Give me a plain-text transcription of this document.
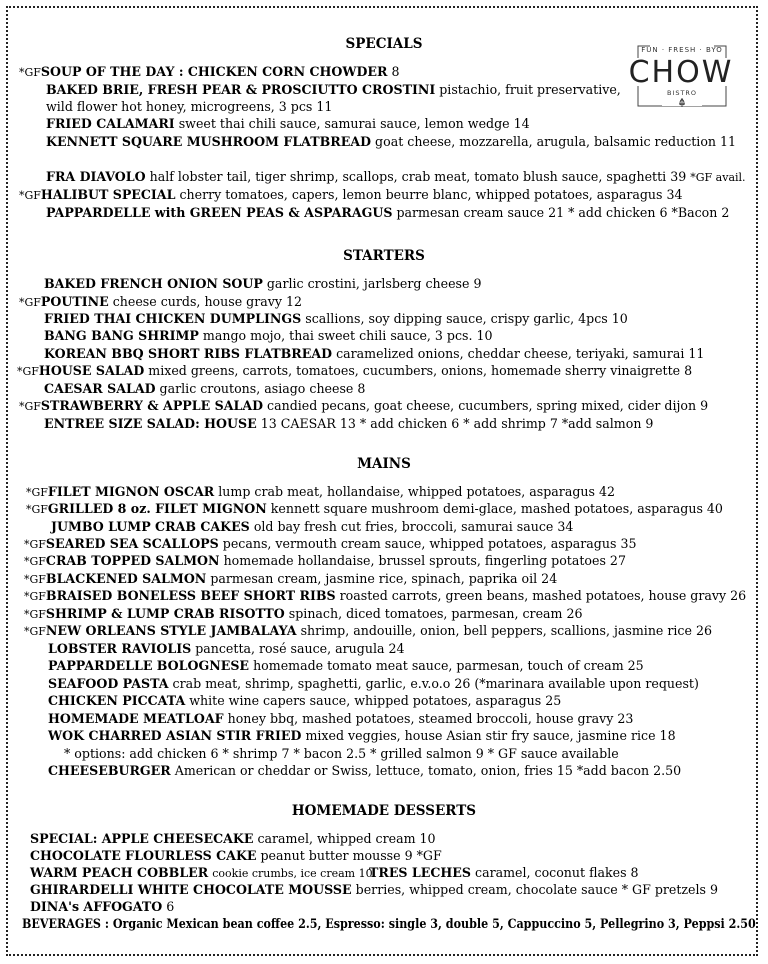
FUN · FRESH · BYO
CHOW
BISTRO
SPECIALS
*GFSOUP OF THE DAY : CHICKEN CORN CHOWDER 8
BAKED BRIE, FRESH PEAR & PROSCIUTTO CROSTINI pistachio, fruit preservative,
wild flower hot honey, microgreens, 3 pcs 11
FRIED CALAMARI sweet thai chili sauce, samurai sauce, lemon wedge 14
KENNETT SQUARE MUSHROOM FLATBREAD goat cheese, mozzarella, arugula, balsamic reduction 11
FRA DIAVOLO half lobster tail, tiger shrimp, scallops, crab meat, tomato blush sauce, spaghetti 39 *GF avail.
*GFHALIBUT SPECIAL cherry tomatoes, capers, lemon beurre blanc, whipped potatoes, asparagus 34
PAPPARDELLE with GREEN PEAS & ASPARAGUS parmesan cream sauce 21 * add chicken 6 *Bacon 2
STARTERS
BAKED FRENCH ONION SOUP garlic crostini, jarlsberg cheese 9
*GFPOUTINE cheese curds, house gravy 12
FRIED THAI CHICKEN DUMPLINGS scallions, soy dipping sauce, crispy garlic, 4pcs 10
BANG BANG SHRIMP mango mojo, thai sweet chili sauce, 3 pcs. 10
KOREAN BBQ SHORT RIBS FLATBREAD caramelized onions, cheddar cheese, teriyaki, samurai 11
*GFHOUSE SALAD mixed greens, carrots, tomatoes, cucumbers, onions, homemade sherry vinaigrette 8
CAESAR SALAD garlic croutons, asiago cheese 8
*GFSTRAWBERRY & APPLE SALAD candied pecans, goat cheese, cucumbers, spring mixed, cider dijon 9
ENTREE SIZE SALAD: HOUSE 13 CAESAR 13 * add chicken 6 * add shrimp 7 *add salmon 9
MAINS
*GFFILET MIGNON OSCAR lump crab meat, hollandaise, whipped potatoes, asparagus 42
*GFGRILLED 8 oz. FILET MIGNON kennett square mushroom demi-glace, mashed potatoes, asparagus 40
JUMBO LUMP CRAB CAKES old bay fresh cut fries, broccoli, samurai sauce 34
*GFSEARED SEA SCALLOPS pecans, vermouth cream sauce, whipped potatoes, asparagus 35
*GFCRAB TOPPED SALMON homemade hollandaise, brussel sprouts, fingerling potatoes 27
*GFBLACKENED SALMON parmesan cream, jasmine rice, spinach, paprika oil 24
*GFBRAISED BONELESS BEEF SHORT RIBS roasted carrots, green beans, mashed potatoes, house gravy 26
*GFSHRIMP & LUMP CRAB RISOTTO spinach, diced tomatoes, parmesan, cream 26
*GFNEW ORLEANS STYLE JAMBALAYA shrimp, andouille, onion, bell peppers, scallions, jasmine rice 26
LOBSTER RAVIOLIS pancetta, rosé sauce, arugula 24
PAPPARDELLE BOLOGNESE homemade tomato meat sauce, parmesan, touch of cream 25
SEAFOOD PASTA crab meat, shrimp, spaghetti, garlic, e.v.o.o 26 (*marinara available upon request)
CHICKEN PICCATA white wine capers sauce, whipped potatoes, asparagus 25
HOMEMADE MEATLOAF honey bbq, mashed potatoes, steamed broccoli, house gravy 23
WOK CHARRED ASIAN STIR FRIED mixed veggies, house Asian stir fry sauce, jasmine rice 18
* options: add chicken 6 * shrimp 7 * bacon 2.5 * grilled salmon 9 * GF sauce available
CHEESEBURGER American or cheddar or Swiss, lettuce, tomato, onion, fries 15 *add bacon 2.50
HOMEMADE DESSERTS
SPECIAL: APPLE CHEESECAKE caramel, whipped cream 10
CHOCOLATE FLOURLESS CAKE peanut butter mousse 9 *GF
WARM PEACH COBBLER cookie crumbs, ice cream 10
TRES LECHES caramel, coconut flakes 8
GHIRARDELLI WHITE CHOCOLATE MOUSSE berries, whipped cream, chocolate sauce * GF pretzels 9
DINA's AFFOGATO 6
BEVERAGES : Organic Mexican bean coffee 2.5, Espresso: single 3, double 5, Cappuccino 5, Pellegrino 3, Peppsi 2.50
